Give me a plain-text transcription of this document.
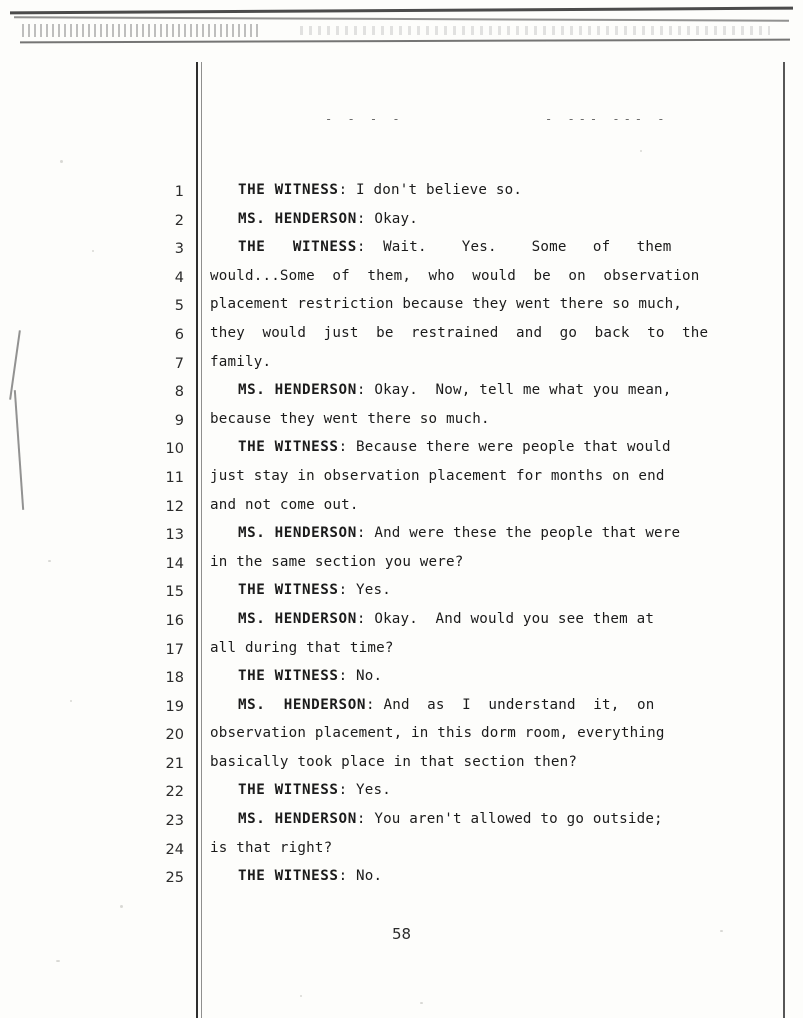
- - - -	- --- --- -
1	THE WITNESS: I don't believe so.
2	MS. HENDERSON: Okay.
3	THE   WITNESS:  Wait.    Yes.    Some   of   them
4 would...Some  of  them,  who  would  be  on  observation
5 placement restriction because they went there so much,
6 they  would  just  be  restrained  and  go  back  to  the
7 family.
8	MS. HENDERSON: Okay.  Now, tell me what you mean,
9 because they went there so much.
10	THE WITNESS: Because there were people that would
11 just stay in observation placement for months on end
12 and not come out.
13	MS. HENDERSON: And were these the people that were
14 in the same section you were?
15	THE WITNESS: Yes.
16	MS. HENDERSON: Okay.  And would you see them at
17 all during that time?
18	THE WITNESS: No.
19	MS.  HENDERSON: And  as  I  understand  it,  on
20 observation placement, in this dorm room, everything
21 basically took place in that section then?
22	THE WITNESS: Yes.
23	MS. HENDERSON: You aren't allowed to go outside;
24 is that right?
25	THE WITNESS: No.
58
